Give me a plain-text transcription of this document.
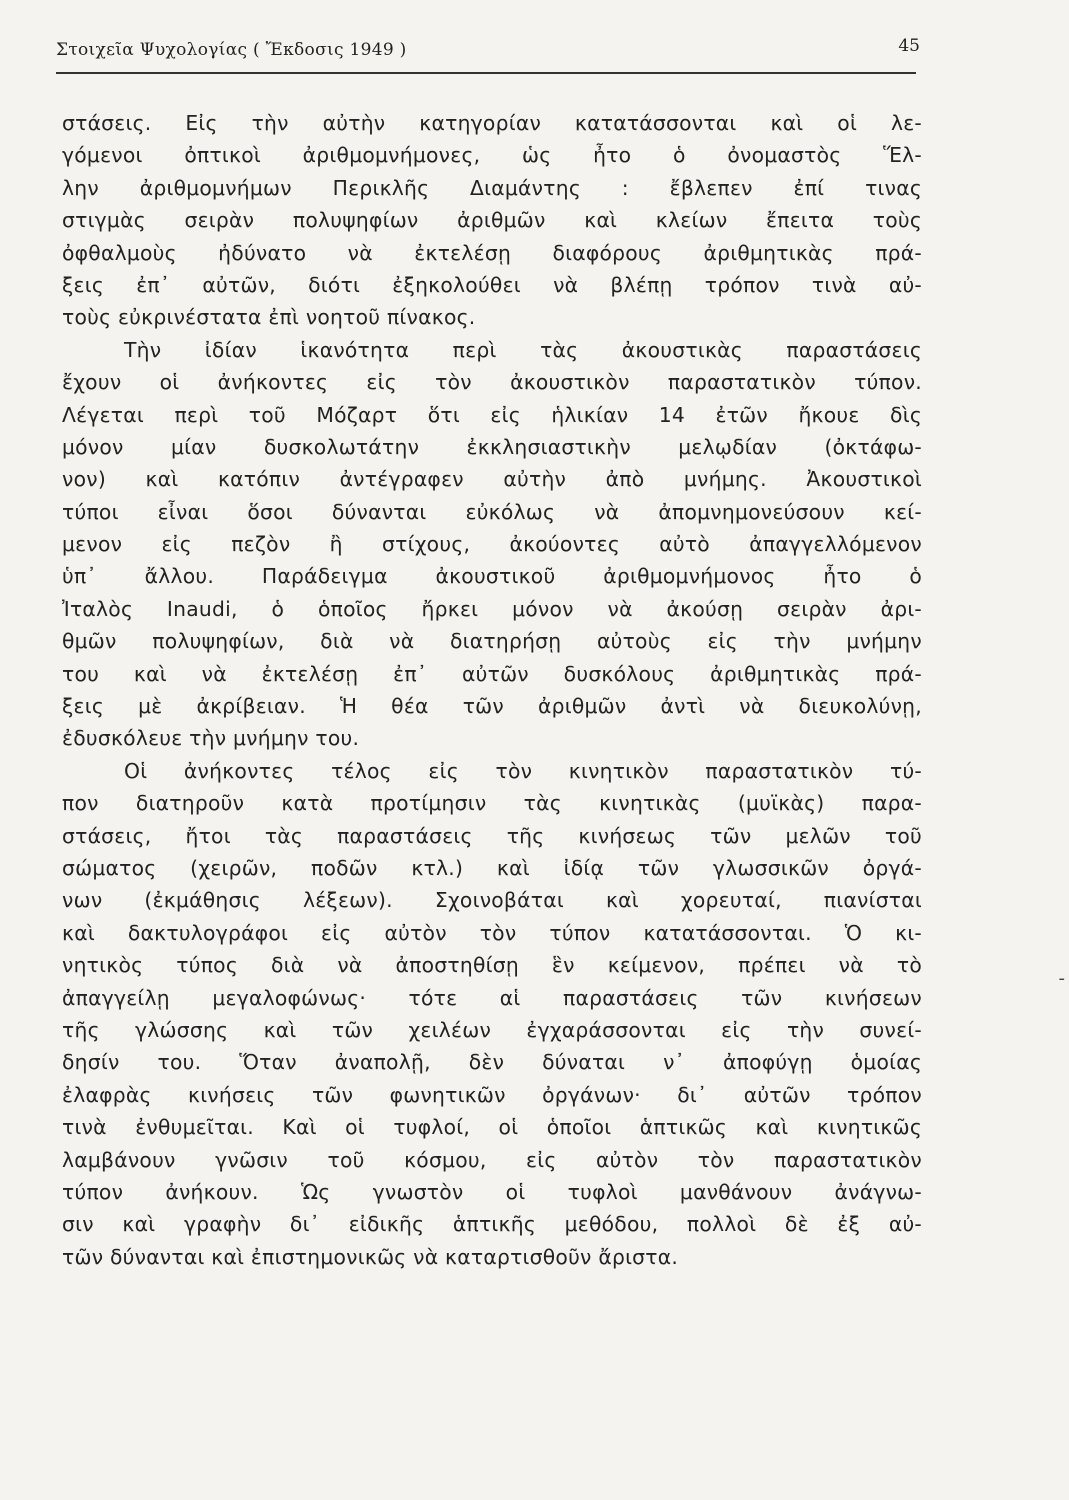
Στοιχεῖα Ψυχολογίας ( Ἔκδοσις 1949 )	45
στάσεις. Εἰς τὴν αὐτὴν κατηγορίαν κατατάσσονται καὶ οἱ λε-
γόμενοι ὀπτικοὶ ἀριθμομνήμονες, ὡς ἦτο ὁ ὀνομαστὸς Ἕλ-
λην ἀριθμομνήμων Περικλῆς Διαμάντης : ἔβλεπεν ἐπί τινας
στιγμὰς σειρὰν πολυψηφίων ἀριθμῶν καὶ κλείων ἔπειτα τοὺς
ὀφθαλμοὺς ἠδύνατο νὰ ἐκτελέσῃ διαφόρους ἀριθμητικὰς πρά-
ξεις ἐπ᾽ αὐτῶν, διότι ἐξηκολούθει νὰ βλέπῃ τρόπον τινὰ αὐ-
τοὺς εὐκρινέστατα ἐπὶ νοητοῦ πίνακος.
Τὴν ἰδίαν ἱκανότητα περὶ τὰς ἀκουστικὰς παραστάσεις
ἔχουν οἱ ἀνήκοντες εἰς τὸν ἀκουστικὸν παραστατικὸν τύπον.
Λέγεται περὶ τοῦ Μόζαρτ ὅτι εἰς ἡλικίαν 14 ἐτῶν ἤκουε δὶς
μόνον μίαν δυσκολωτάτην ἐκκλησιαστικὴν μελῳδίαν (ὀκτάφω-
νον) καὶ κατόπιν ἀντέγραφεν αὐτὴν ἀπὸ μνήμης. Ἀκουστικοὶ
τύποι εἶναι ὅσοι δύνανται εὐκόλως νὰ ἀπομνημονεύσουν κεί-
μενον εἰς πεζὸν ἢ στίχους, ἀκούοντες αὐτὸ ἀπαγγελλόμενον
ὑπ᾽ ἄλλου. Παράδειγμα ἀκουστικοῦ ἀριθμομνήμονος ἦτο ὁ
Ἰταλὸς Inaudi, ὁ ὁποῖος ἤρκει μόνον νὰ ἀκούσῃ σειρὰν ἀρι-
θμῶν πολυψηφίων, διὰ νὰ διατηρήσῃ αὐτοὺς εἰς τὴν μνήμην
του καὶ νὰ ἐκτελέσῃ ἐπ᾽ αὐτῶν δυσκόλους ἀριθμητικὰς πρά-
ξεις μὲ ἀκρίβειαν. Ἡ θέα τῶν ἀριθμῶν ἀντὶ νὰ διευκολύνῃ,
ἐδυσκόλευε τὴν μνήμην του.
Οἱ ἀνήκοντες τέλος εἰς τὸν κινητικὸν παραστατικὸν τύ-
πον διατηροῦν κατὰ προτίμησιν τὰς κινητικὰς (μυϊκὰς) παρα-
στάσεις, ἤτοι τὰς παραστάσεις τῆς κινήσεως τῶν μελῶν τοῦ
σώματος (χειρῶν, ποδῶν κτλ.) καὶ ἰδίᾳ τῶν γλωσσικῶν ὀργά-
νων (ἐκμάθησις λέξεων). Σχοινοβάται καὶ χορευταί, πιανίσται
καὶ δακτυλογράφοι εἰς αὐτὸν τὸν τύπον κατατάσσονται. Ὁ κι-
νητικὸς τύπος διὰ νὰ ἀποστηθίσῃ ἓν κείμενον, πρέπει νὰ τὸ
ἀπαγγείλῃ μεγαλοφώνως· τότε αἱ παραστάσεις τῶν κινήσεων
τῆς γλώσσης καὶ τῶν χειλέων ἐγχαράσσονται εἰς τὴν συνεί-
δησίν του. Ὅταν ἀναπολῇ, δὲν δύναται ν᾽ ἀποφύγῃ ὁμοίας
ἐλαφρὰς κινήσεις τῶν φωνητικῶν ὀργάνων· δι᾽ αὐτῶν τρόπον
τινὰ ἐνθυμεῖται. Καὶ οἱ τυφλοί, οἱ ὁποῖοι ἁπτικῶς καὶ κινητικῶς
λαμβάνουν γνῶσιν τοῦ κόσμου, εἰς αὐτὸν τὸν παραστατικὸν
τύπον ἀνήκουν. Ὡς γνωστὸν οἱ τυφλοὶ μανθάνουν ἀνάγνω-
σιν καὶ γραφὴν δι᾽ εἰδικῆς ἁπτικῆς μεθόδου, πολλοὶ δὲ ἐξ αὐ-
τῶν δύνανται καὶ ἐπιστημονικῶς νὰ καταρτισθοῦν ἄριστα.
-
